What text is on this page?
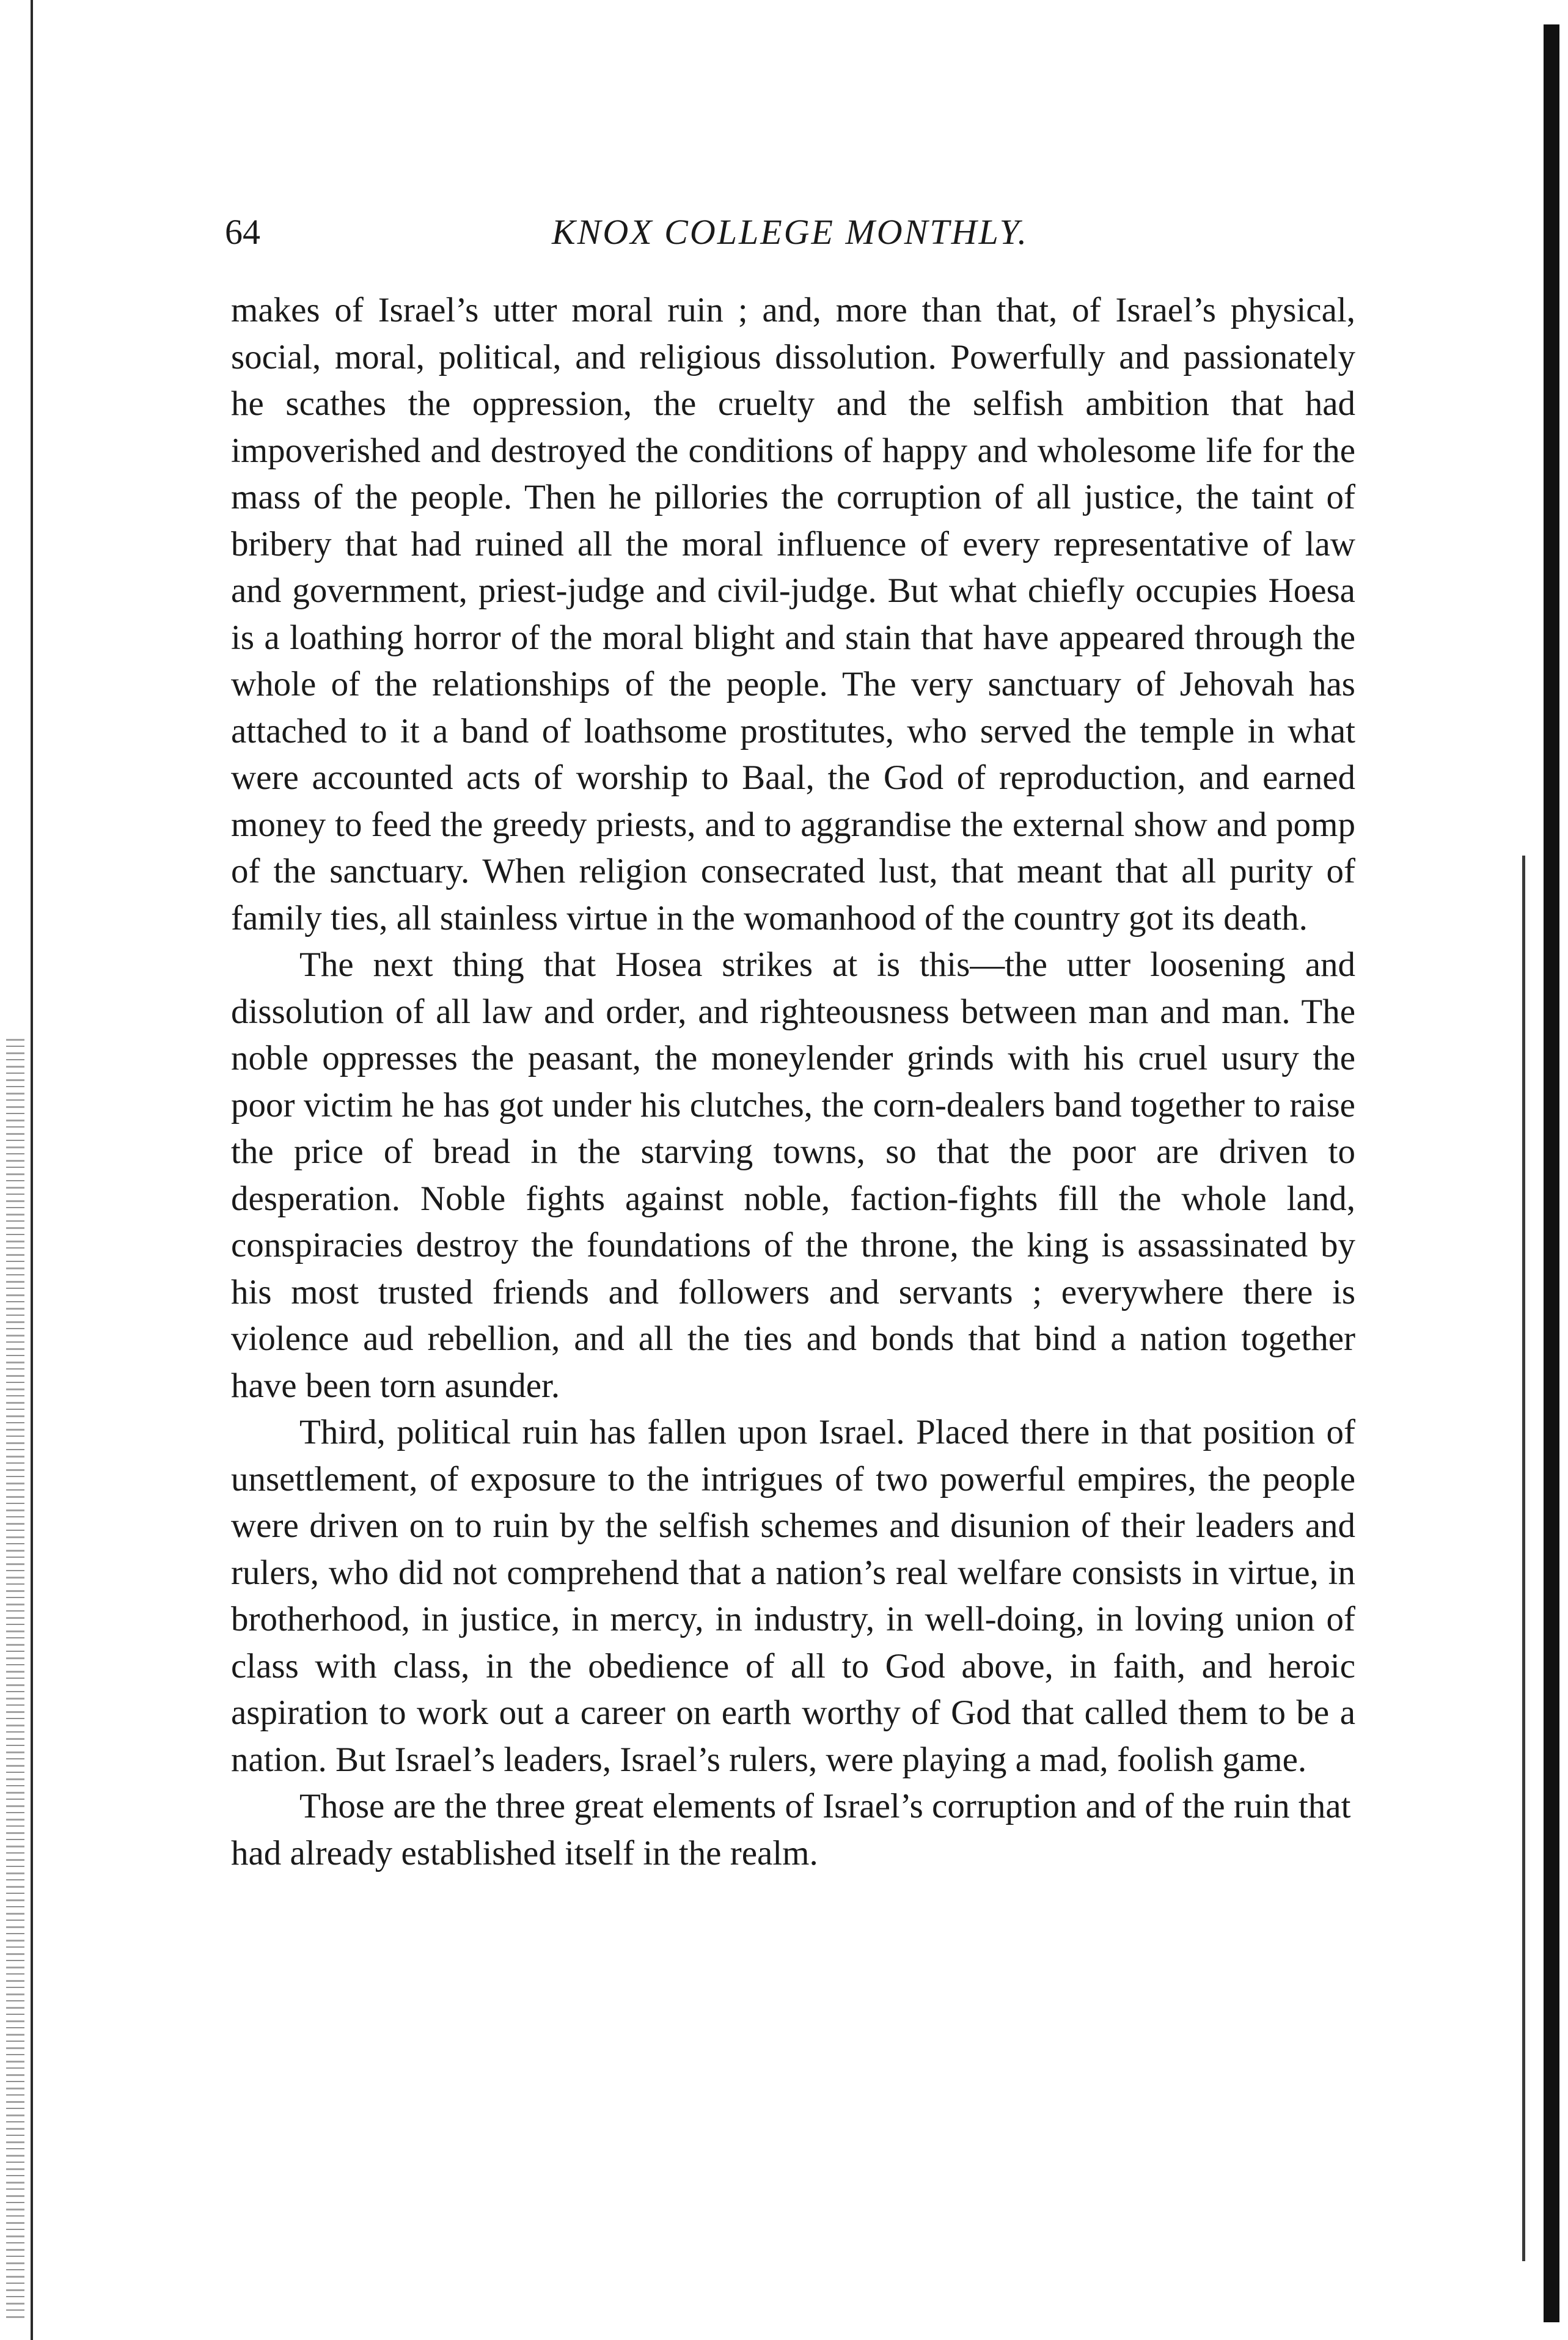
64	KNOX COLLEGE MONTHLY.

makes of Israel’s utter moral ruin ; and, more than that, of Israel’s physical, social, moral, political, and religious dissolution. Powerfully and passionately he scathes the oppression, the cruelty and the selfish ambition that had impoverished and destroyed the conditions of happy and wholesome life for the mass of the people. Then he pillories the corruption of all justice, the taint of bribery that had ruined all the moral influence of every representative of law and government, priest-judge and civil-judge. But what chiefly occupies Hoesa is a loathing horror of the moral blight and stain that have appeared through the whole of the relationships of the people. The very sanctuary of Jehovah has attached to it a band of loathsome prostitutes, who served the temple in what were accounted acts of worship to Baal, the God of reproduction, and earned money to feed the greedy priests, and to aggrandise the external show and pomp of the sanctuary. When religion consecrated lust, that meant that all purity of family ties, all stainless virtue in the womanhood of the country got its death.

The next thing that Hosea strikes at is this—the utter loosening and dissolution of all law and order, and righteousness between man and man. The noble oppresses the peasant, the moneylender grinds with his cruel usury the poor victim he has got under his clutches, the corn-dealers band together to raise the price of bread in the starving towns, so that the poor are driven to desperation. Noble fights against noble, faction-fights fill the whole land, conspiracies destroy the foundations of the throne, the king is assassinated by his most trusted friends and followers and servants ; everywhere there is violence aud rebellion, and all the ties and bonds that bind a nation together have been torn asunder.

Third, political ruin has fallen upon Israel. Placed there in that position of unsettlement, of exposure to the intrigues of two powerful empires, the people were driven on to ruin by the selfish schemes and disunion of their leaders and rulers, who did not comprehend that a nation’s real welfare consists in virtue, in brotherhood, in justice, in mercy, in industry, in well-doing, in loving union of class with class, in the obedience of all to God above, in faith, and heroic aspiration to work out a career on earth worthy of God that called them to be a nation. But Israel’s leaders, Israel’s rulers, were playing a mad, foolish game.

Those are the three great elements of Israel’s corruption and of the ruin that had already established itself in the realm.
